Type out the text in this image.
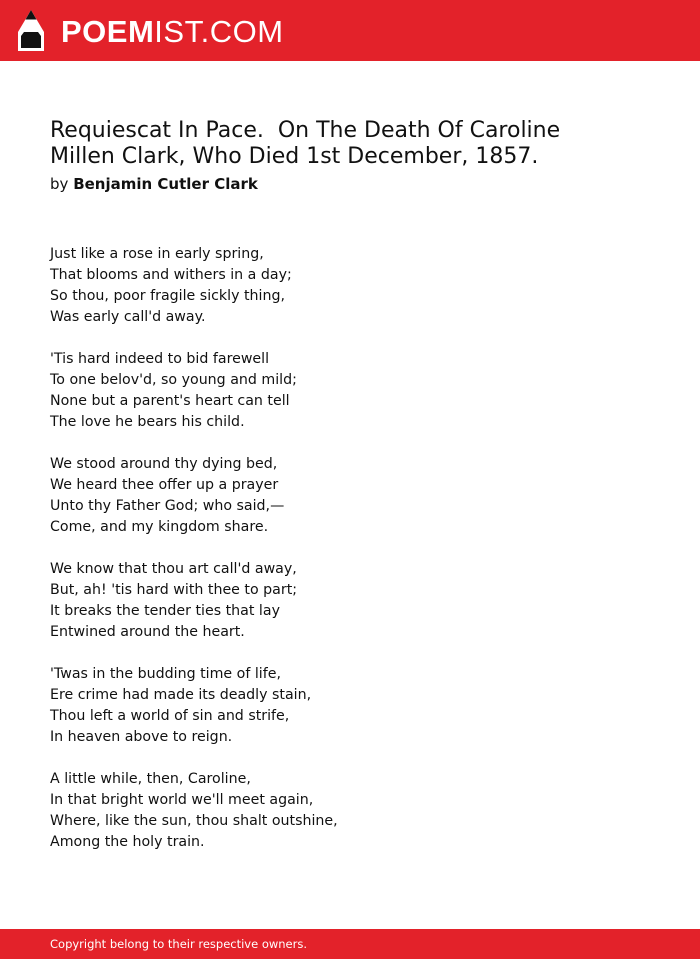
POEMIST.COM
Requiescat In Pace.  On The Death Of Caroline
Millen Clark, Who Died 1st December, 1857.
by Benjamin Cutler Clark
Just like a rose in early spring,
That blooms and withers in a day;
So thou, poor fragile sickly thing,
Was early call'd away.
'Tis hard indeed to bid farewell
To one belov'd, so young and mild;
None but a parent's heart can tell
The love he bears his child.
We stood around thy dying bed,
We heard thee offer up a prayer
Unto thy Father God; who said,—
Come, and my kingdom share.
We know that thou art call'd away,
But, ah! 'tis hard with thee to part;
It breaks the tender ties that lay
Entwined around the heart.
'Twas in the budding time of life,
Ere crime had made its deadly stain,
Thou left a world of sin and strife,
In heaven above to reign.
A little while, then, Caroline,
In that bright world we'll meet again,
Where, like the sun, thou shalt outshine,
Among the holy train.
Copyright belong to their respective owners.
